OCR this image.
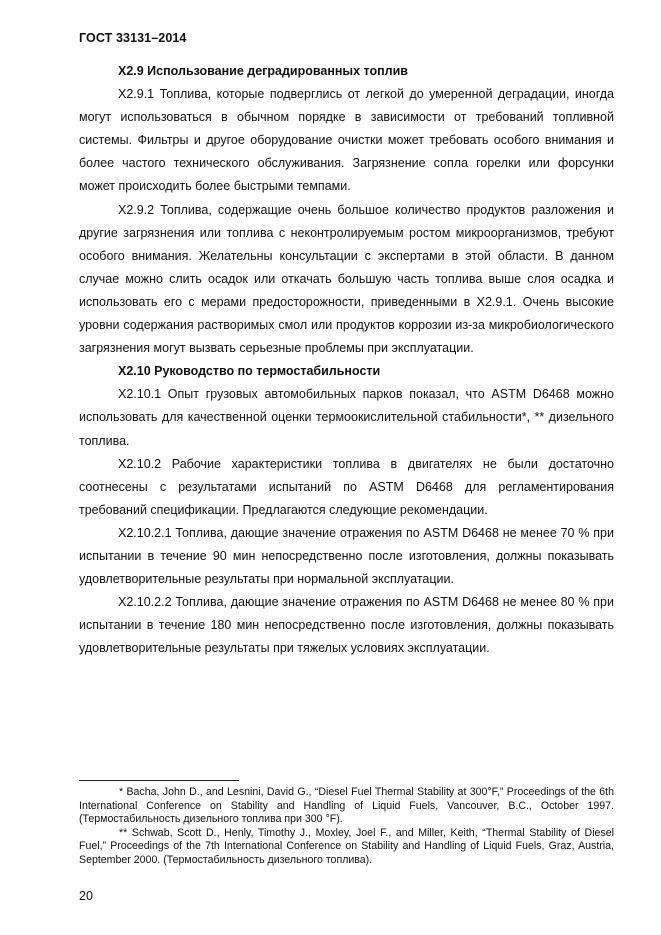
ГОСТ 33131–2014
X2.9 Использование деградированных топлив

X2.9.1 Топлива, которые подверглись от легкой до умеренной деградации, иногда могут использоваться в обычном порядке в зависимости от требований топливной системы. Фильтры и другое оборудование очистки может требовать особого внимания и более частого технического обслуживания. Загрязнение сопла горелки или форсунки может происходить более быстрыми темпами.

X2.9.2 Топлива, содержащие очень большое количество продуктов разложения и другие загрязнения или топлива с неконтролируемым ростом микроорганизмов, требуют особого внимания. Желательны консультации с экспертами в этой области. В данном случае можно слить осадок или откачать большую часть топлива выше слоя осадка и использовать его с мерами предосторожности, приведенными в X2.9.1. Очень высокие уровни содержания растворимых смол или продуктов коррозии из-за микробиологического загрязнения могут вызвать серьезные проблемы при эксплуатации.

X2.10 Руководство по термостабильности

X2.10.1 Опыт грузовых автомобильных парков показал, что ASTM D6468 можно использовать для качественной оценки термоокислительной стабильности*, ** дизельного топлива.

X2.10.2 Рабочие характеристики топлива в двигателях не были достаточно соотнесены с результатами испытаний по ASTM D6468 для регламентирования требований спецификации. Предлагаются следующие рекомендации.

X2.10.2.1 Топлива, дающие значение отражения по ASTM D6468 не менее 70 % при испытании в течение 90 мин непосредственно после изготовления, должны показывать удовлетворительные результаты при нормальной эксплуатации.

X2.10.2.2 Топлива, дающие значение отражения по ASTM D6468 не менее 80 % при испытании в течение 180 мин непосредственно после изготовления, должны показывать удовлетворительные результаты при тяжелых условиях эксплуатации.

* Bacha, John D., and Lesnini, David G., “Diesel Fuel Thermal Stability at 300°F,” Proceedings of the 6th International Conference on Stability and Handling of Liquid Fuels, Vancouver, B.C., October 1997. (Термостабильность дизельного топлива при 300 °F).

** Schwab, Scott D., Henly, Timothy J., Moxley, Joel F., and Miller, Keith, “Thermal Stability of Diesel Fuel,” Proceedings of the 7th International Conference on Stability and Handling of Liquid Fuels, Graz, Austria, September 2000. (Термостабильность дизельного топлива).

20
